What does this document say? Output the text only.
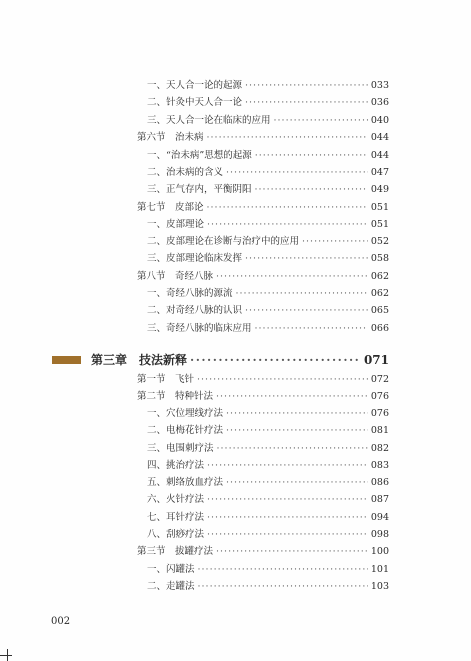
一、天人合一论的起源 ·····	033
二、针灸中天人合一论 ·····	036
三、天人合一论在临床的应用 ·····	040
第六节　治未病 ·····	044
一、“治未病”思想的起源 ·····	044
二、治未病的含义 ·····	047
三、正气存内，平衡阴阳 ·····	049
第七节　皮部论 ·····	051
一、皮部理论 ·····	051
二、皮部理论在诊断与治疗中的应用 ·····	052
三、皮部理论临床发挥 ·····	058
第八节　奇经八脉 ·····	062
一、奇经八脉的源流 ·····	062
二、对奇经八脉的认识 ·····	065
三、奇经八脉的临床应用 ·····	066
第三章　技法新释 ·····	071
第一节　飞针 ·····	072
第二节　特种针法 ·····	076
一、穴位埋线疗法 ·····	076
二、电梅花针疗法 ·····	081
三、电围刺疗法 ·····	082
四、挑治疗法 ·····	083
五、刺络放血疗法 ·····	086
六、火针疗法 ·····	087
七、耳针疗法 ·····	094
八、刮痧疗法 ·····	098
第三节　拔罐疗法 ·····	100
一、闪罐法 ·····	101
二、走罐法 ·····	103
002
